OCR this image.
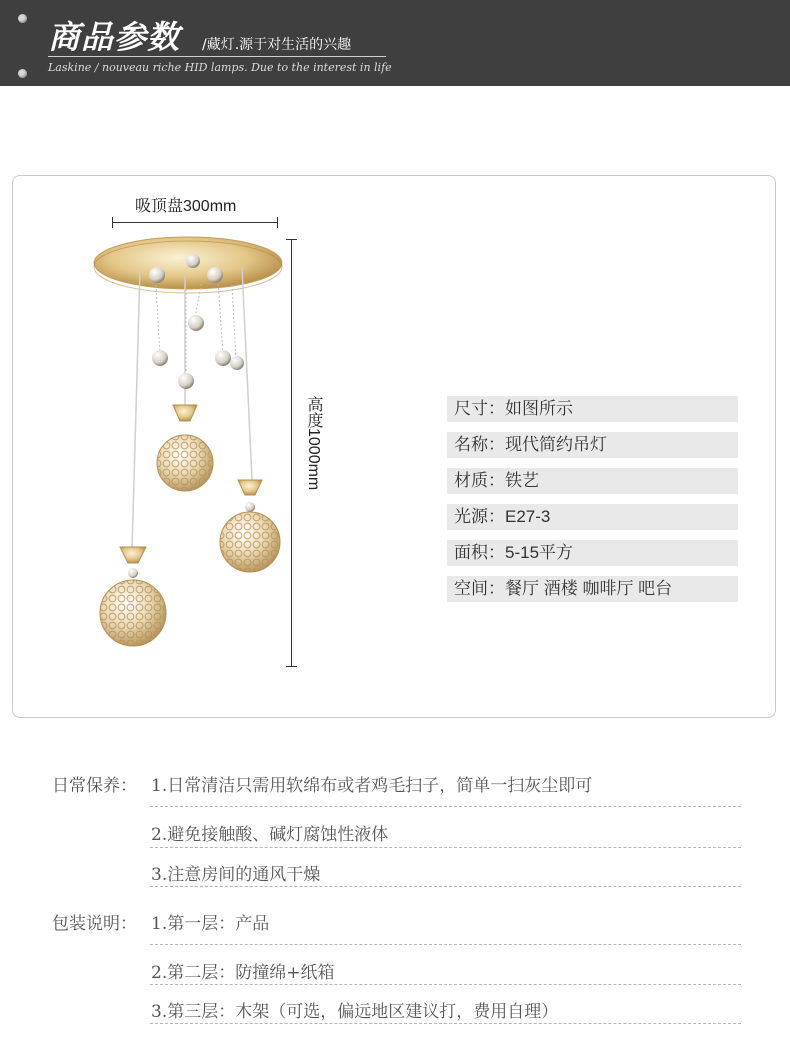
商品参数 /藏灯.源于对生活的兴趣
Laskine / nouveau riche HID lamps. Due to the interest in life
吸顶盘300mm
高度1000mm	尺寸：如图所示
名称：现代简约吊灯
材质：铁艺
光源：E27-3
面积：5-15平方
空间：餐厅 酒楼 咖啡厅 吧台
日常保养： 1.日常清洁只需用软绵布或者鸡毛扫子，简单一扫灰尘即可
2.避免接触酸、碱灯腐蚀性液体
3.注意房间的通风干燥
包装说明： 1.第一层：产品
2.第二层：防撞绵+纸箱
3.第三层：木架（可选，偏远地区建议打，费用自理）
